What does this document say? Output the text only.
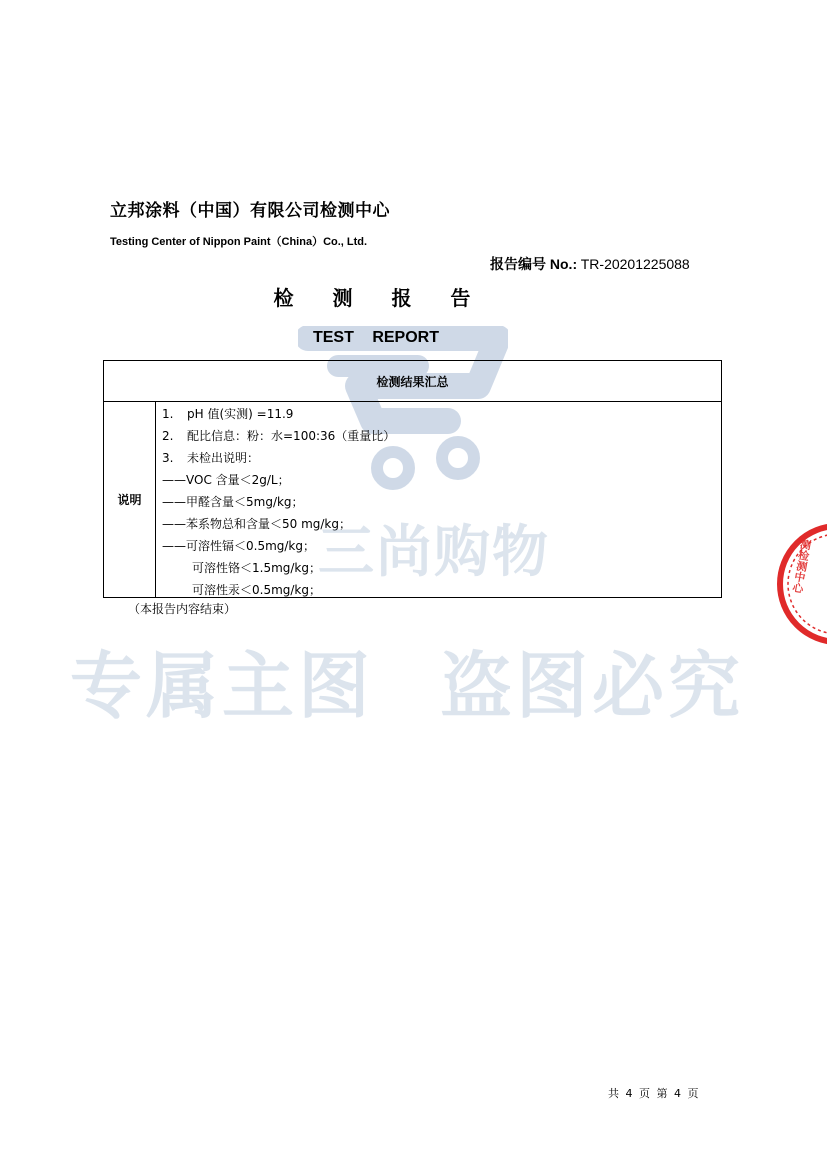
立邦涂料（中国）有限公司检测中心
Testing Center of Nippon Paint（China）Co., Ltd.
报告编号 No.: TR-20201225088
检 测 报 告
TEST REPORT
检测结果汇总
说明
1. pH 值(实测) =11.9
2. 配比信息：粉：水=100:36（重量比）
3. 未检出说明：
——VOC 含量＜2g/L；
——甲醛含量＜5mg/kg；
——苯系物总和含量＜50 mg/kg；
——可溶性镉＜0.5mg/kg；
可溶性铬＜1.5mg/kg；
可溶性汞＜0.5mg/kg；
（本报告内容结束）
三尚购物
专属主图 盗图必究
测检测中心
共 4 页 第 4 页
